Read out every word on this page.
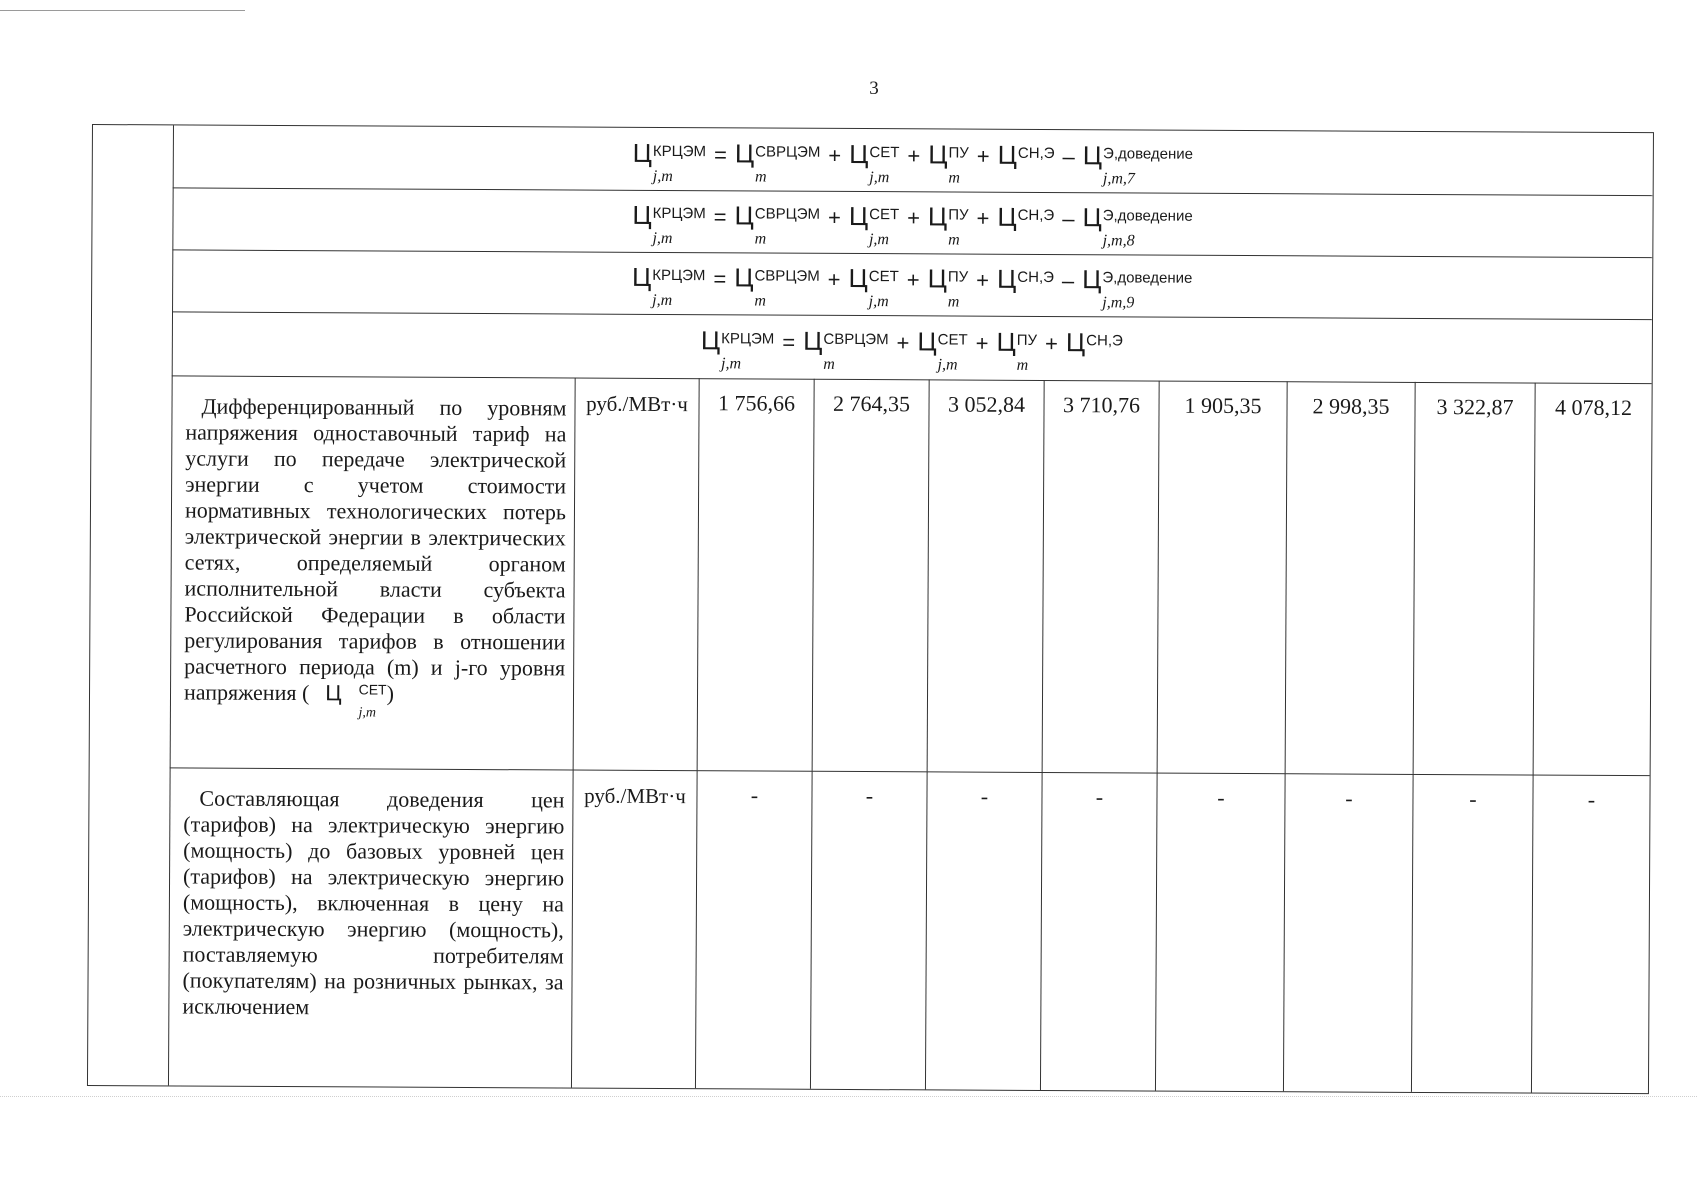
3
Ц КРЦЭМ
j,m
= Ц СВРЦЭМ
m
+ Ц СЕТ
j,m
+ Ц ПУ
m
+ Ц СН,Э – Ц Э,доведение
j,m,7
Ц КРЦЭМ
j,m
= Ц СВРЦЭМ
m
+ Ц СЕТ
j,m
+ Ц ПУ
m
+ Ц СН,Э – Ц Э,доведение
j,m,8
Ц КРЦЭМ
j,m
= Ц СВРЦЭМ
m
+ Ц СЕТ
j,m
+ Ц ПУ
m
+ Ц СН,Э – Ц Э,доведение
j,m,9
Ц КРЦЭМ
j,m
= Ц СВРЦЭМ
m
+ Ц СЕТ
j,m
+ Ц ПУ
m
+ Ц СН,Э
Дифференцированный по уровням напряжения одноставочный тариф на услуги по передаче электрической энергии с учетом стоимости нормативных технологических потерь электрической энергии в электрических сетях, определяемый органом исполнительной власти субъекта Российской Федерации в области регулирования тарифов в отношении расчетного периода (m) и j-го уровня напряжения ( Ц	СЕТ
j,m
)
руб./МВт·ч	1 756,66	2 764,35	3 052,84	3 710,76	1 905,35	2 998,35	3 322,87	4 078,12
Составляющая доведения цен (тарифов) на электрическую энергию (мощность) до базовых уровней цен (тарифов) на электрическую энергию (мощность), включенная в цену на электрическую энергию (мощность), поставляемую потребителям (покупателям) на розничных рынках, за исключением
руб./МВт·ч	-	-	-	-	-	-	-	-
